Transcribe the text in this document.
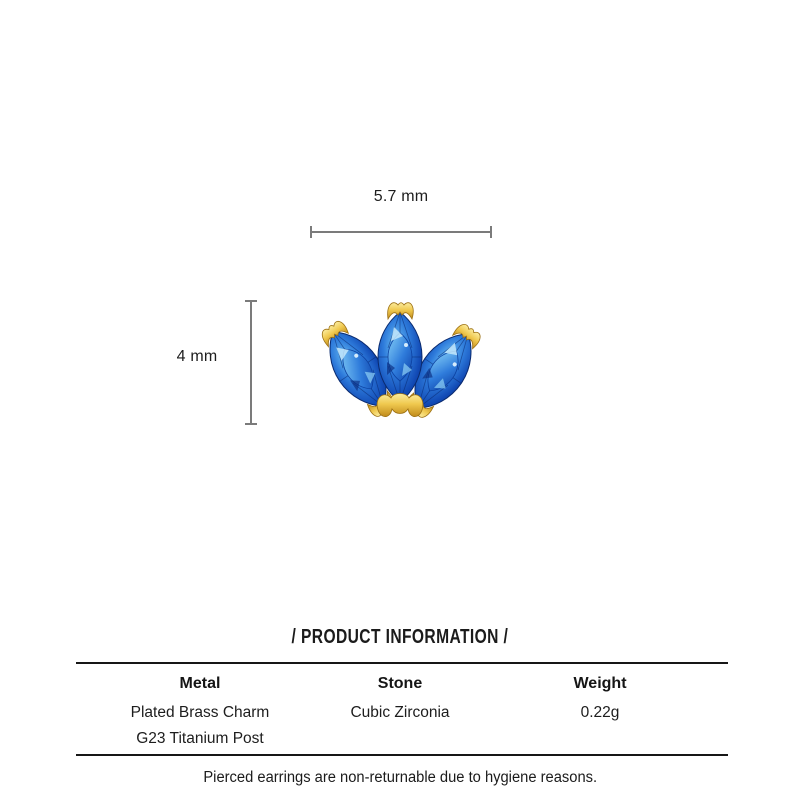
5.7 mm
4 mm
/ PRODUCT INFORMATION /
Metal
Plated Brass Charm
G23 Titanium Post
Stone
Cubic Zirconia
Weight
0.22g
Pierced earrings are non-returnable due to hygiene reasons.
